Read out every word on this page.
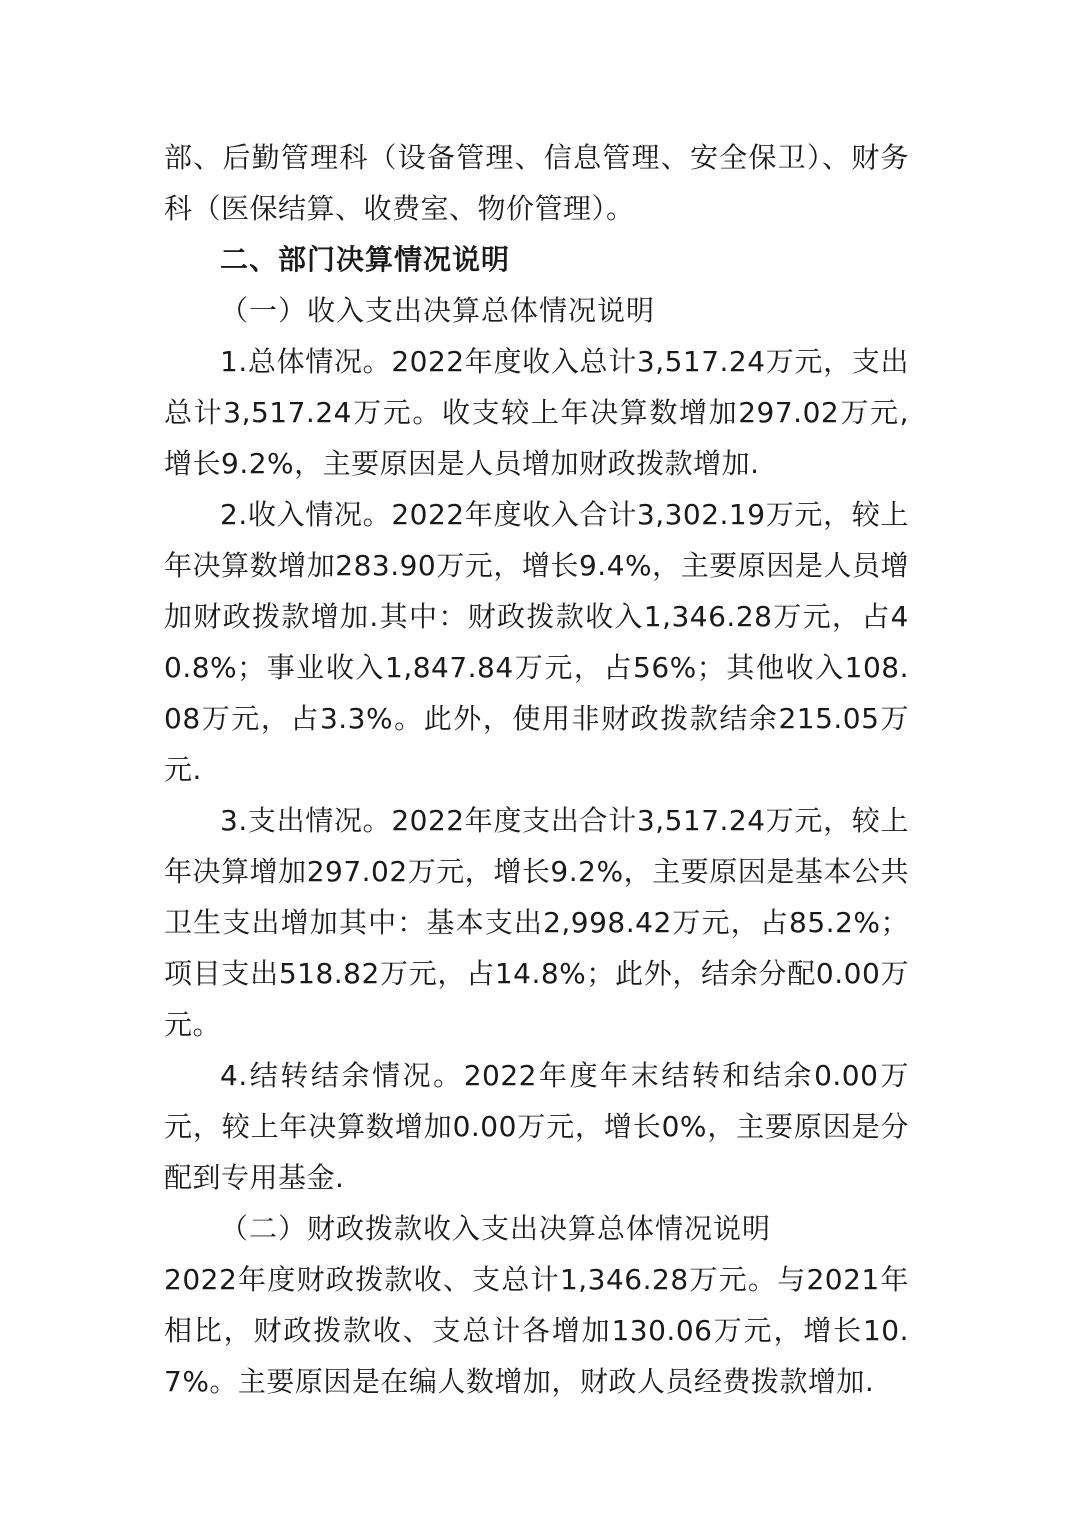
部、后勤管理科（设备管理、信息管理、安全保卫）、财务科（医保结算、收费室、物价管理）。

二、部门决算情况说明

（一）收入支出决算总体情况说明

1.总体情况。2022年度收入总计3,517.24万元，支出总计3,517.24万元。收支较上年决算数增加297.02万元,增长9.2%，主要原因是人员增加财政拨款增加.

2.收入情况。2022年度收入合计3,302.19万元，较上年决算数增加283.90万元，增长9.4%，主要原因是人员增加财政拨款增加.其中：财政拨款收入1,346.28万元，占40.8%；事业收入1,847.84万元，占56%；其他收入108.08万元，占3.3%。此外，使用非财政拨款结余215.05万元.

3.支出情况。2022年度支出合计3,517.24万元，较上年决算增加297.02万元，增长9.2%，主要原因是基本公共卫生支出增加其中：基本支出2,998.42万元，占85.2%；项目支出518.82万元，占14.8%；此外，结余分配0.00万元。

4.结转结余情况。2022年度年末结转和结余0.00万元，较上年决算数增加0.00万元，增长0%，主要原因是分配到专用基金.

（二）财政拨款收入支出决算总体情况说明

2022年度财政拨款收、支总计1,346.28万元。与2021年相比，财政拨款收、支总计各增加130.06万元，增长10.7%。主要原因是在编人数增加，财政人员经费拨款增加.
